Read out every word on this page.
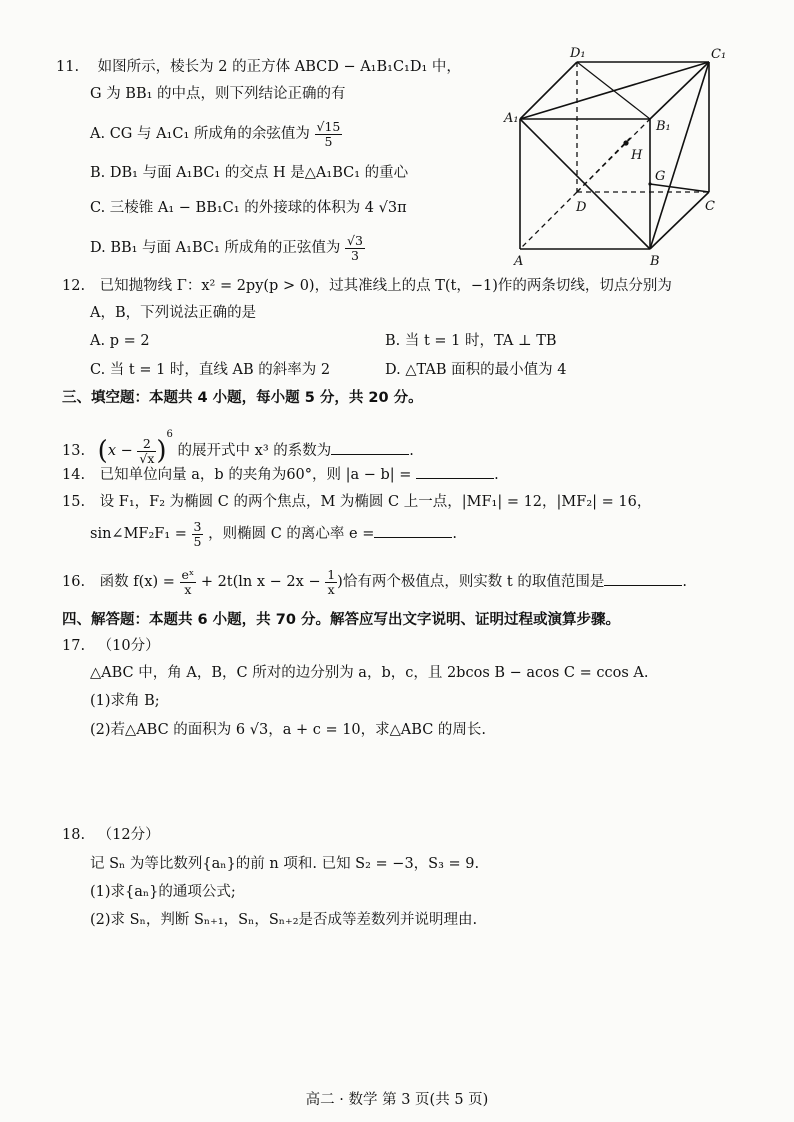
11. 如图所示，棱长为 2 的正方体 ABCD − A₁B₁C₁D₁ 中，
G 为 BB₁ 的中点，则下列结论正确的有
A. CG 与 A₁C₁ 所成角的余弦值为 $\frac{√15}{5}$
B. DB₁ 与面 A₁BC₁ 的交点 H 是△A₁BC₁ 的重心
C. 三棱锥 A₁ − BB₁C₁ 的外接球的体积为 4 √3π
D. BB₁ 与面 A₁BC₁ 所成角的正弦值为 $\frac{√3}{3}$
D₁	C₁
A₁
B₁
H
G
D	C
A	B
12. 已知抛物线 Γ：x² = 2py(p > 0)，过其准线上的点 T(t，−1)作的两条切线，切点分别为
A，B，下列说法正确的是
A. p = 2	B. 当 t = 1 时，TA ⊥ TB
C. 当 t = 1 时，直线 AB 的斜率为 2	D. △TAB 面积的最小值为 4
三、填空题：本题共 4 小题，每小题 5 分，共 20 分。
13. $(x - \frac{2}{√x} )^6$ 的展开式中 x³ 的系数为	.
14. 已知单位向量 a，b 的夹角为60°，则 |a − b| =	.
15. 设 F₁，F₂ 为椭圆 C 的两个焦点，M 为椭圆 C 上一点，|MF₁| = 12，|MF₂| = 16，
sin∠MF₂F₁ = $\frac{3}{5}$ ，则椭圆 C 的离心率 e =	.
16. 函数 $f(x) = \frac{\text{eˣ}}{x} + 2t(\ln$ $x - 2x - \frac{1}{x}$ )恰有两个极值点，则实数 t 的取值范围是	.
四、解答题：本题共 6 小题，共 70 分。解答应写出文字说明、证明过程或演算步骤。
17. （10分）
△ABC 中，角 A，B，C 所对的边分别为 a，b，c，且 2bcos B − acos C = ccos A.
(1)求角 B;
(2)若△ABC 的面积为 6 √3，a + c = 10，求△ABC 的周长.
18. （12分）
记 Sₙ 为等比数列{aₙ}的前 n 项和. 已知 S₂ = −3，S₃ = 9.
(1)求{aₙ}的通项公式;
(2)求 Sₙ，判断 Sₙ₊₁，Sₙ，Sₙ₊₂是否成等差数列并说明理由.
高二 · 数学 第 3 页(共 5 页)
